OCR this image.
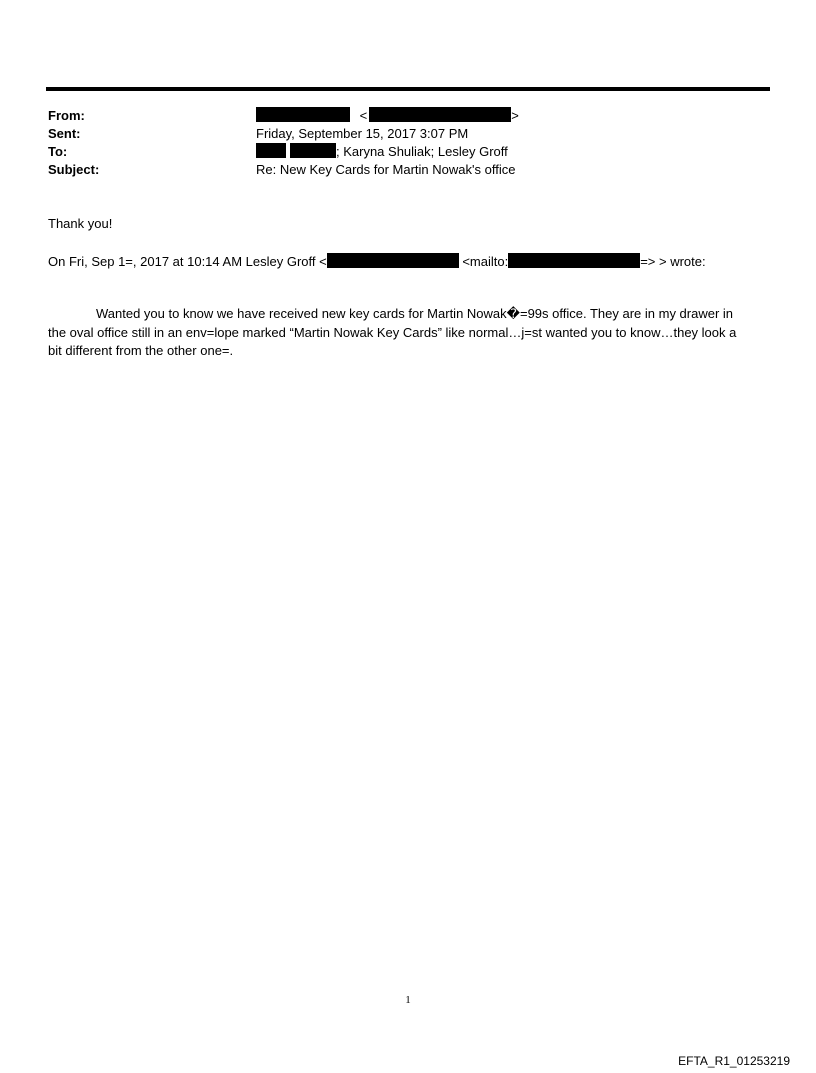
From:	<	>
Sent:	Friday, September 15, 2017 3:07 PM
To:	; Karyna Shuliak; Lesley Groff
Subject:	Re: New Key Cards for Martin Nowak's office
Thank you!
On Fri, Sep 1=, 2017 at 10:14 AM Lesley Groff <	<mailto:	=> > wrote:
Wanted you to know we have received new key cards for Martin Nowak�=99s office. They are in my drawer in
the oval office still in an env=lope marked “Martin Nowak Key Cards” like normal…j=st wanted you to know…they look a
bit different from the other one=.
1
EFTA_R1_01253219
